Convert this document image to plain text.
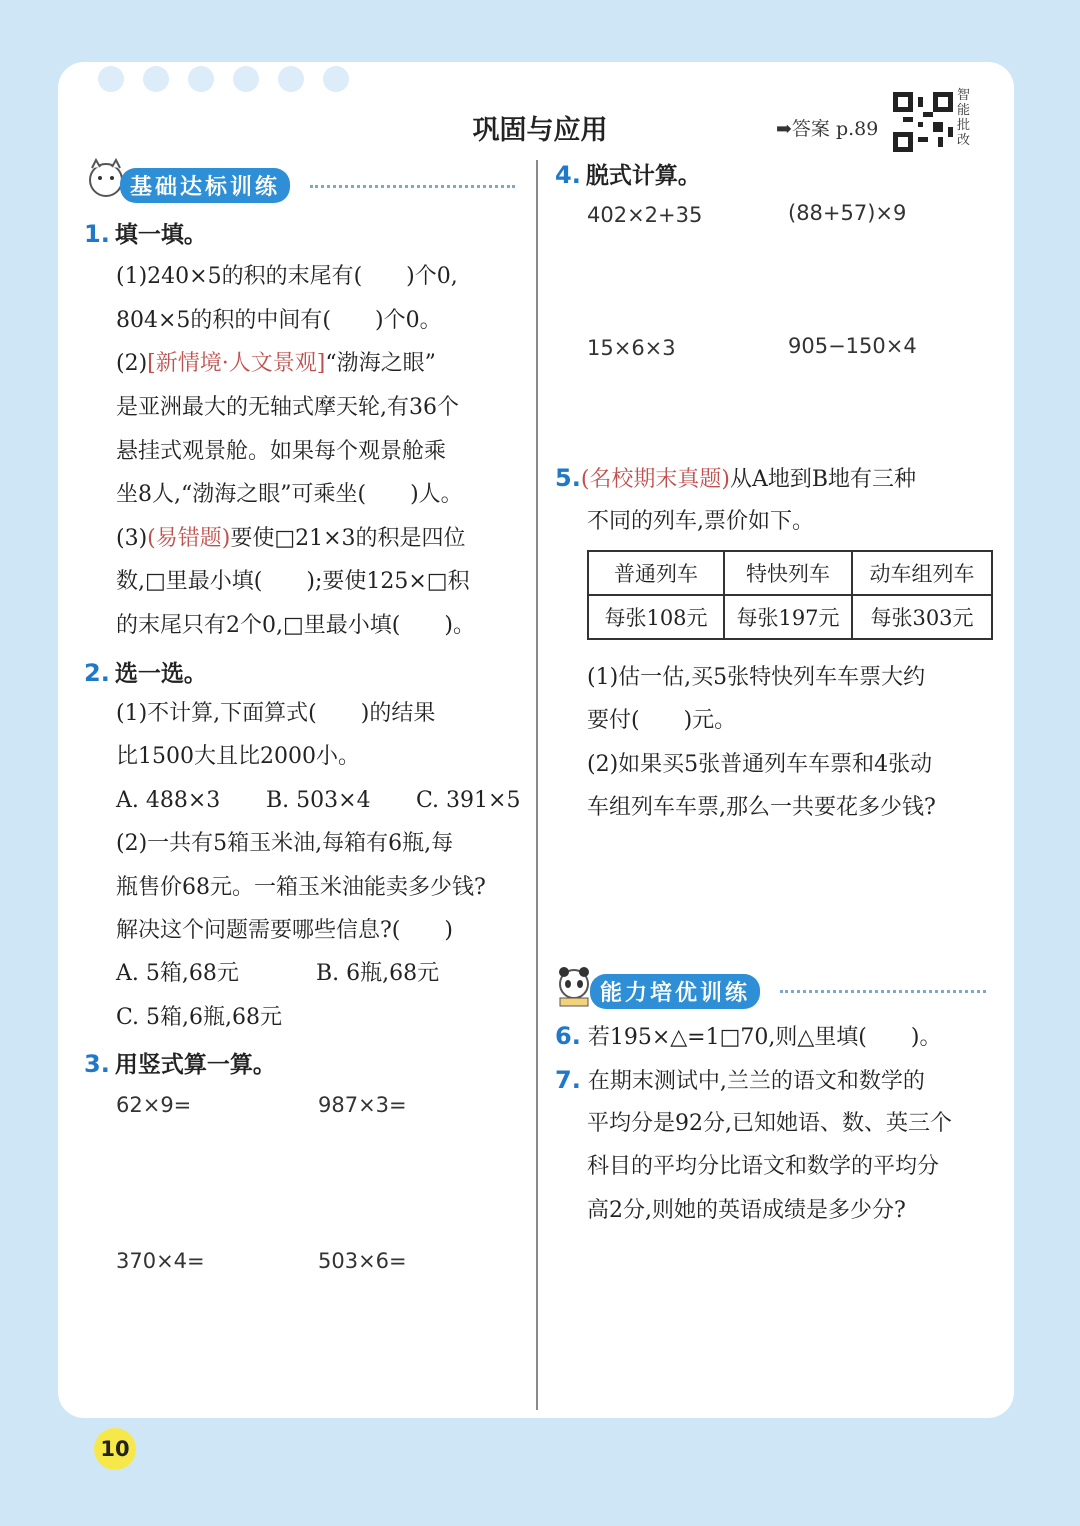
巩固与应用	➡答案 p.89
智能批改
基础达标训练
1. 填一填。
(1)240×5的积的末尾有(　　)个0,
804×5的积的中间有(　　)个0。
(2)[新情境·人文景观]“渤海之眼”
是亚洲最大的无轴式摩天轮,有36个
悬挂式观景舱。如果每个观景舱乘
坐8人,“渤海之眼”可乘坐(　　)人。
(3)(易错题)要使□21×3的积是四位
数,□里最小填(　　);要使125×□积
的末尾只有2个0,□里最小填(　　)。
2. 选一选。
(1)不计算,下面算式(　　)的结果
比1500大且比2000小。
A. 488×3 B. 503×4 C. 391×5
(2)一共有5箱玉米油,每箱有6瓶,每
瓶售价68元。一箱玉米油能卖多少钱?
解决这个问题需要哪些信息?(　　)
A. 5箱,68元	B. 6瓶,68元
C. 5箱,6瓶,68元
3. 用竖式算一算。
62×9=	987×3=
370×4=	503×6=
4. 脱式计算。
402×2+35	(88+57)×9
15×6×3	905−150×4
5.(名校期末真题)从A地到B地有三种
不同的列车,票价如下。
普通列车	特快列车	动车组列车
每张108元	每张197元	每张303元
(1)估一估,买5张特快列车车票大约
要付(　　)元。
(2)如果买5张普通列车车票和4张动
车组列车车票,那么一共要花多少钱?
能力培优训练
6. 若195×△=1□70,则△里填(　　)。
7. 在期末测试中,兰兰的语文和数学的
平均分是92分,已知她语、数、英三个
科目的平均分比语文和数学的平均分
高2分,则她的英语成绩是多少分?
10
